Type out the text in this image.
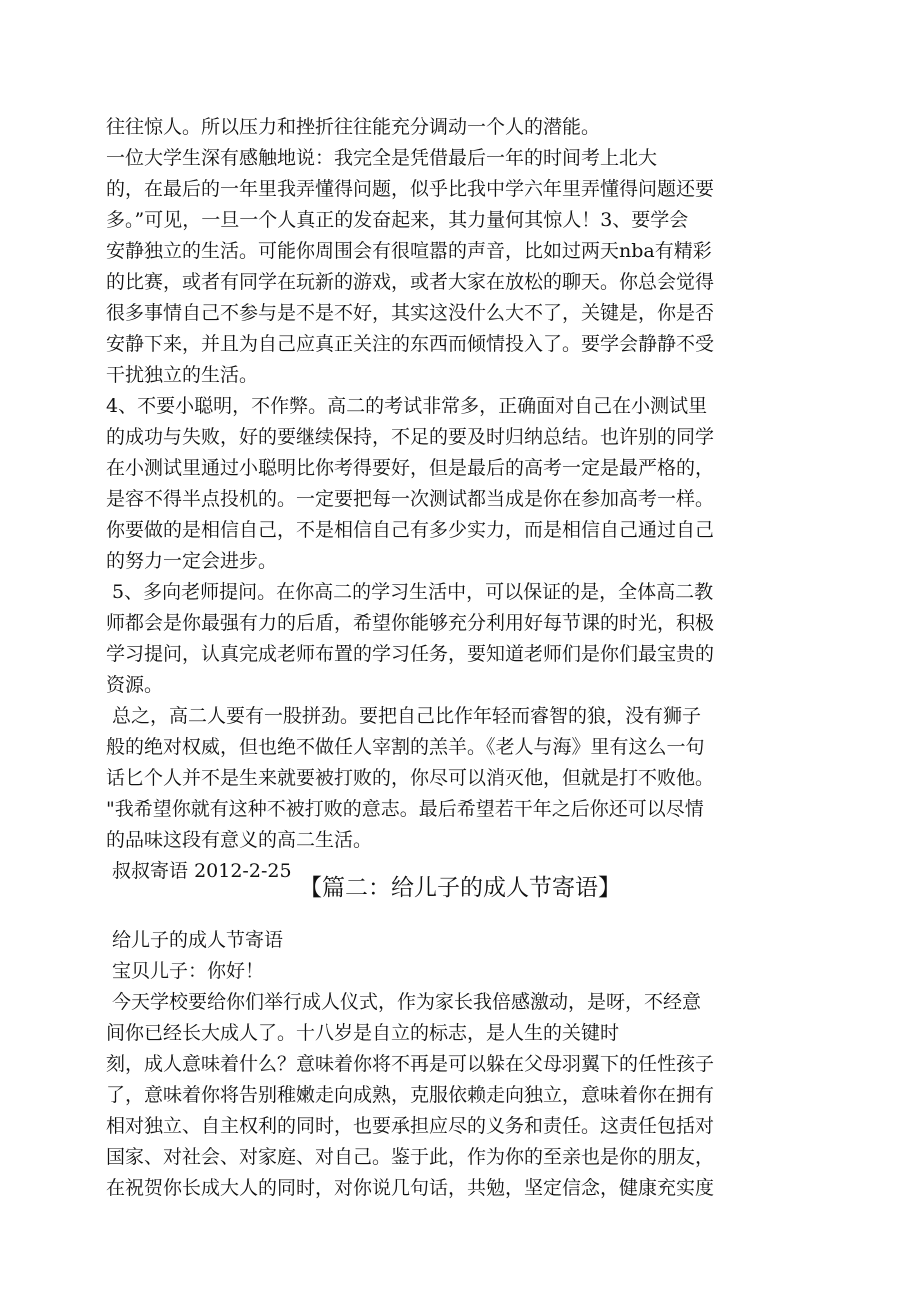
往往惊人。所以压力和挫折往往能充分调动一个人的潜能。
一位大学生深有感触地说：我完全是凭借最后一年的时间考上北大
的，在最后的一年里我弄懂得问题，似乎比我中学六年里弄懂得问题还要
多。”可见，一旦一个人真正的发奋起来，其力量何其惊人！3、要学会
安静独立的生活。可能你周围会有很喧嚣的声音，比如过两天nba有精彩
的比赛，或者有同学在玩新的游戏，或者大家在放松的聊天。你总会觉得
很多事情自己不参与是不是不好，其实这没什么大不了，关键是，你是否
安静下来，并且为自己应真正关注的东西而倾情投入了。要学会静静不受
干扰独立的生活。
4、不要小聪明，不作弊。高二的考试非常多，正确面对自己在小测试里
的成功与失败，好的要继续保持，不足的要及时归纳总结。也许别的同学
在小测试里通过小聪明比你考得要好，但是最后的高考一定是最严格的，
是容不得半点投机的。一定要把每一次测试都当成是你在参加高考一样。
你要做的是相信自己，不是相信自己有多少实力，而是相信自己通过自己
的努力一定会进步。
5、多向老师提问。在你高二的学习生活中，可以保证的是，全体高二教
师都会是你最强有力的后盾，希望你能够充分利用好每节课的时光，积极
学习提问，认真完成老师布置的学习任务，要知道老师们是你们最宝贵的
资源。
总之，高二人要有一股拼劲。要把自己比作年轻而睿智的狼，没有狮子
般的绝对权威，但也绝不做任人宰割的羔羊。《老人与海》里有这么一句
话匕个人并不是生来就要被打败的，你尽可以消灭他，但就是打不败他。
"我希望你就有这种不被打败的意志。最后希望若干年之后你还可以尽情
的品味这段有意义的高二生活。
叔叔寄语 2012-2-25
【篇二：给儿子的成人节寄语】
给儿子的成人节寄语
宝贝儿子：你好！
今天学校要给你们举行成人仪式，作为家长我倍感激动，是呀，不经意
间你已经长大成人了。十八岁是自立的标志，是人生的关键时
刻，成人意味着什么？意味着你将不再是可以躲在父母羽翼下的任性孩子
了，意味着你将告别稚嫩走向成熟，克服依赖走向独立，意味着你在拥有
相对独立、自主权利的同时，也要承担应尽的义务和责任。这责任包括对
国家、对社会、对家庭、对自己。鉴于此，作为你的至亲也是你的朋友，
在祝贺你长成大人的同时，对你说几句话，共勉，坚定信念，健康充实度
